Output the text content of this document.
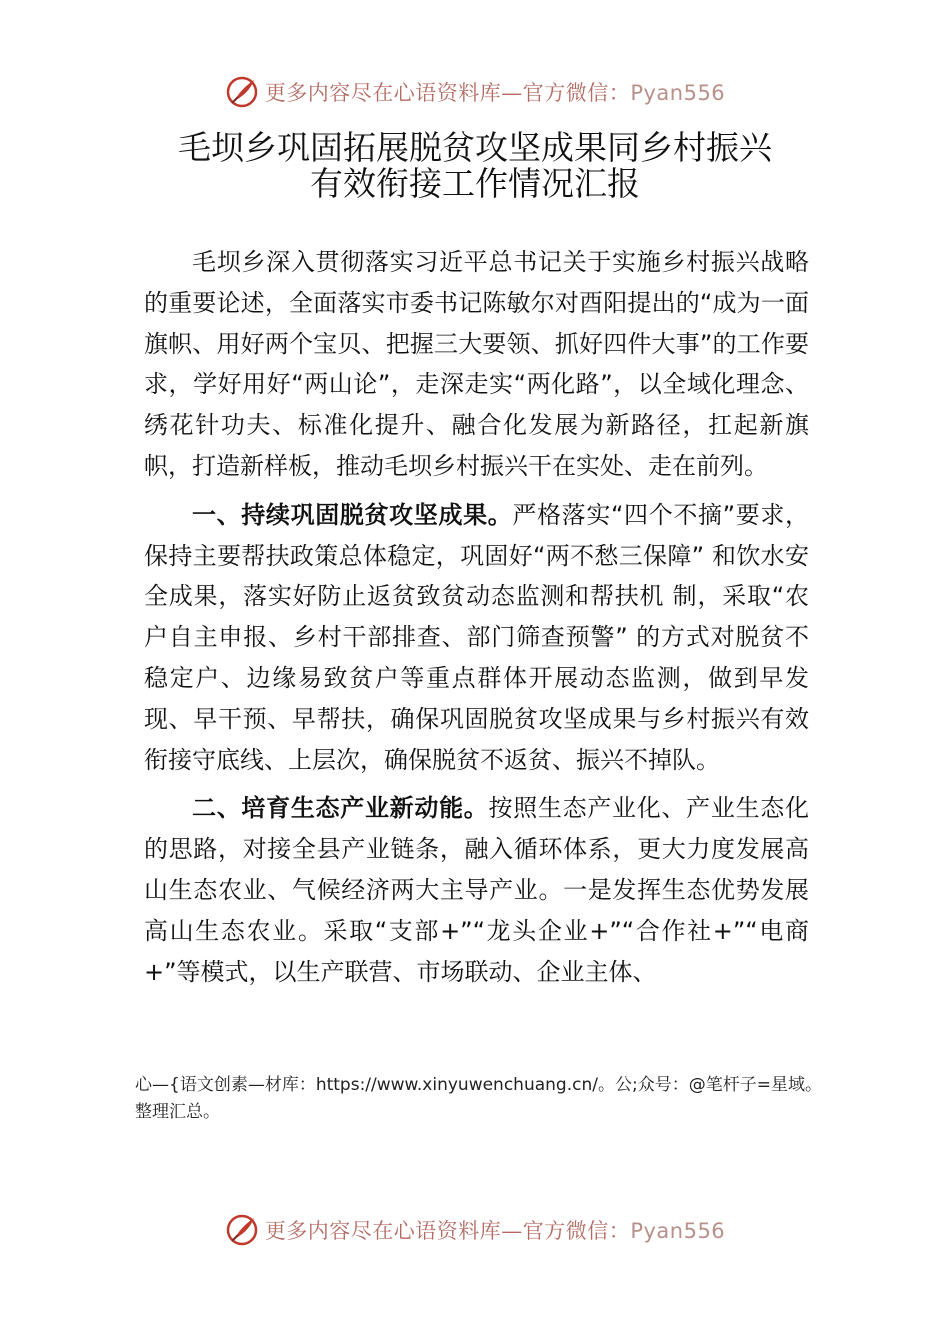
更多内容尽在心语资料库—官方微信：Pyan556
毛坝乡巩固拓展脱贫攻坚成果同乡村振兴
有效衔接工作情况汇报

毛坝乡深入贯彻落实习近平总书记关于实施乡村振兴战略的重要论述，全面落实市委书记陈敏尔对酉阳提出的“成为一面旗帜、用好两个宝贝、把握三大要领、抓好四件大事”的工作要求，学好用好“两山论”，走深走实“两化路”，以全域化理念、绣花针功夫、标准化提升、融合化发展为新路径，扛起新旗帜，打造新样板，推动毛坝乡村振兴干在实处、走在前列。

一、持续巩固脱贫攻坚成果。严格落实“四个不摘”要求，保持主要帮扶政策总体稳定，巩固好“两不愁三保障” 和饮水安全成果，落实好防止返贫致贫动态监测和帮扶机 制，采取“农户自主申报、乡村干部排查、部门筛查预警” 的方式对脱贫不稳定户、边缘易致贫户等重点群体开展动态监测，做到早发现、早干预、早帮扶，确保巩固脱贫攻坚成果与乡村振兴有效衔接守底线、上层次，确保脱贫不返贫、振兴不掉队。

二、培育生态产业新动能。按照生态产业化、产业生态化的思路，对接全县产业链条，融入循环体系，更大力度发展高山生态农业、气候经济两大主导产业。一是发挥生态优势发展高山生态农业。采取“支部+”“龙头企业+”“合作社+”“电商+”等模式，以生产联营、市场联动、企业主体、

心—{语文创素—材库：https://www.xinyuwenchuang.cn/。公;众号：@笔杆子=星域。整理汇总。
更多内容尽在心语资料库—官方微信：Pyan556
